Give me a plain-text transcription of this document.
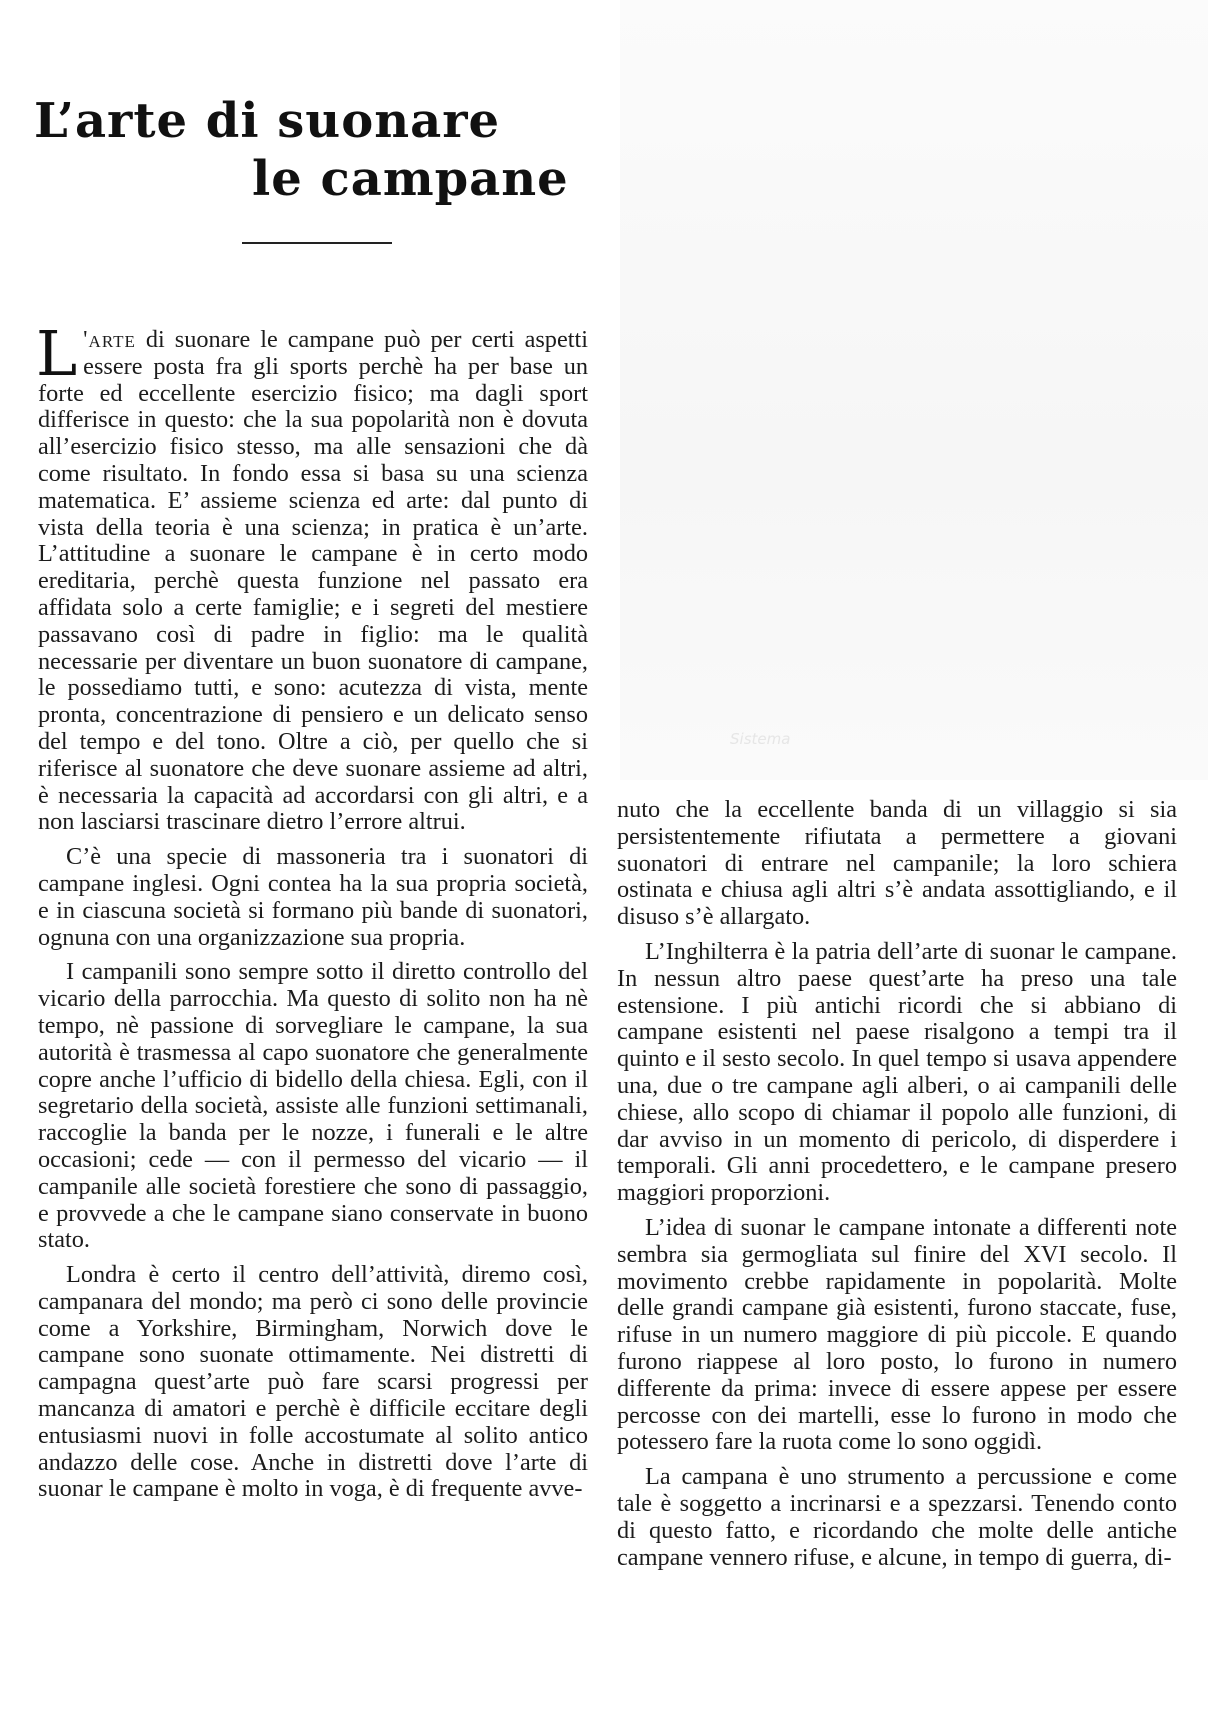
Sistema
L’arte di suonare
le campane

L 'arte di suonare le campane può per certi aspetti essere posta fra gli sports perchè ha per base un forte ed eccellente esercizio fisico; ma dagli sport differisce in questo: che la sua popolarità non è dovuta all’esercizio fisico stesso, ma alle sensazioni che dà come risultato. In fondo essa si basa su una scienza matematica. E’ assieme scienza ed arte: dal punto di vista della teoria è una scienza; in pratica è un’arte. L’attitudine a suonare le campane è in certo modo ereditaria, perchè questa funzione nel passato era affidata solo a certe famiglie; e i segreti del mestiere passavano così di padre in figlio: ma le qualità necessarie per diventare un buon suonatore di campane, le possediamo tutti, e sono: acutezza di vista, mente pronta, concentrazione di pensiero e un delicato senso del tempo e del tono. Oltre a ciò, per quello che si riferisce al suonatore che deve suonare assieme ad altri, è necessaria la capacità ad accordarsi con gli altri, e a non lasciarsi trascinare dietro l’errore altrui.

C’è una specie di massoneria tra i suonatori di campane inglesi. Ogni contea ha la sua propria società, e in ciascuna società si formano più bande di suonatori, ognuna con una organizzazione sua propria.

I campanili sono sempre sotto il diretto controllo del vicario della parrocchia. Ma questo di solito non ha nè tempo, nè passione di sorvegliare le campane, la sua autorità è trasmessa al capo suonatore che generalmente copre anche l’ufficio di bidello della chiesa. Egli, con il segretario della società, assiste alle funzioni settimanali, raccoglie la banda per le nozze, i funerali e le altre occasioni; cede — con il permesso del vicario — il campanile alle società forestiere che sono di passaggio, e provvede a che le campane siano conservate in buono stato.

Londra è certo il centro dell’attività, diremo così, campanara del mondo; ma però ci sono delle provincie come a Yorkshire, Birmingham, Norwich dove le campane sono suonate ottimamente. Nei distretti di campagna quest’arte può fare scarsi progressi per mancanza di amatori e perchè è difficile eccitare degli entusiasmi nuovi in folle accostumate al solito antico andazzo delle cose. Anche in distretti dove l’arte di suonar le campane è molto in voga, è di frequente avve-

nuto che la eccellente banda di un villaggio si sia persistentemente rifiutata a permettere a giovani suonatori di entrare nel campanile; la loro schiera ostinata e chiusa agli altri s’è andata assottigliando, e il disuso s’è allargato.

L’Inghilterra è la patria dell’arte di suonar le campane. In nessun altro paese quest’arte ha preso una tale estensione. I più antichi ricordi che si abbiano di campane esistenti nel paese risalgono a tempi tra il quinto e il sesto secolo. In quel tempo si usava appendere una, due o tre campane agli alberi, o ai campanili delle chiese, allo scopo di chiamar il popolo alle funzioni, di dar avviso in un momento di pericolo, di disperdere i temporali. Gli anni procedettero, e le campane presero maggiori proporzioni.

L’idea di suonar le campane intonate a differenti note sembra sia germogliata sul finire del XVI secolo. Il movimento crebbe rapidamente in popolarità. Molte delle grandi campane già esistenti, furono staccate, fuse, rifuse in un numero maggiore di più piccole. E quando furono riappese al loro posto, lo furono in numero differente da prima: invece di essere appese per essere percosse con dei martelli, esse lo furono in modo che potessero fare la ruota come lo sono oggidì.

La campana è uno strumento a percussione e come tale è soggetto a incrinarsi e a spezzarsi. Tenendo conto di questo fatto, e ricordando che molte delle antiche campane vennero rifuse, e alcune, in tempo di guerra, di-
